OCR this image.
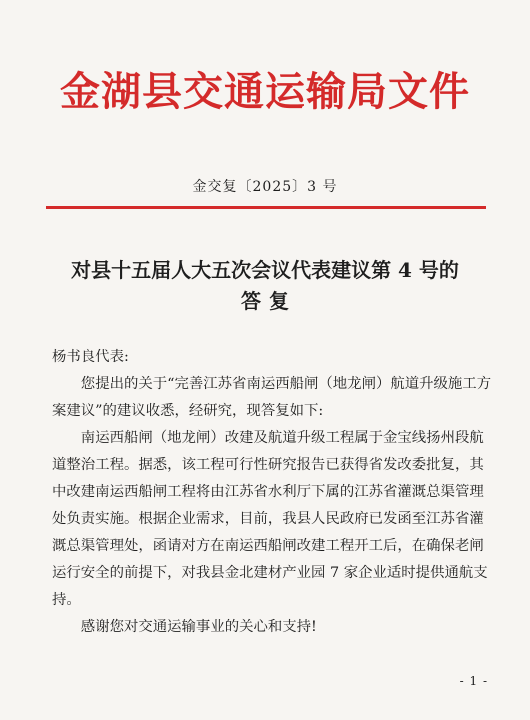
金湖县交通运输局文件
金交复〔2025〕3 号
对县十五届人大五次会议代表建议第 4 号的
答复

杨书良代表:

您提出的关于“完善江苏省南运西船闸（地龙闸）航道升级施工方案建议”的建议收悉，经研究，现答复如下:

南运西船闸（地龙闸）改建及航道升级工程属于金宝线扬州段航道整治工程。据悉，该工程可行性研究报告已获得省发改委批复，其中改建南运西船闸工程将由江苏省水利厅下属的江苏省灌溉总渠管理处负责实施。根据企业需求，目前，我县人民政府已发函至江苏省灌溉总渠管理处，函请对方在南运西船闸改建工程开工后，在确保老闸运行安全的前提下，对我县金北建材产业园 7 家企业适时提供通航支持。

感谢您对交通运输事业的关心和支持!

- 1 -
